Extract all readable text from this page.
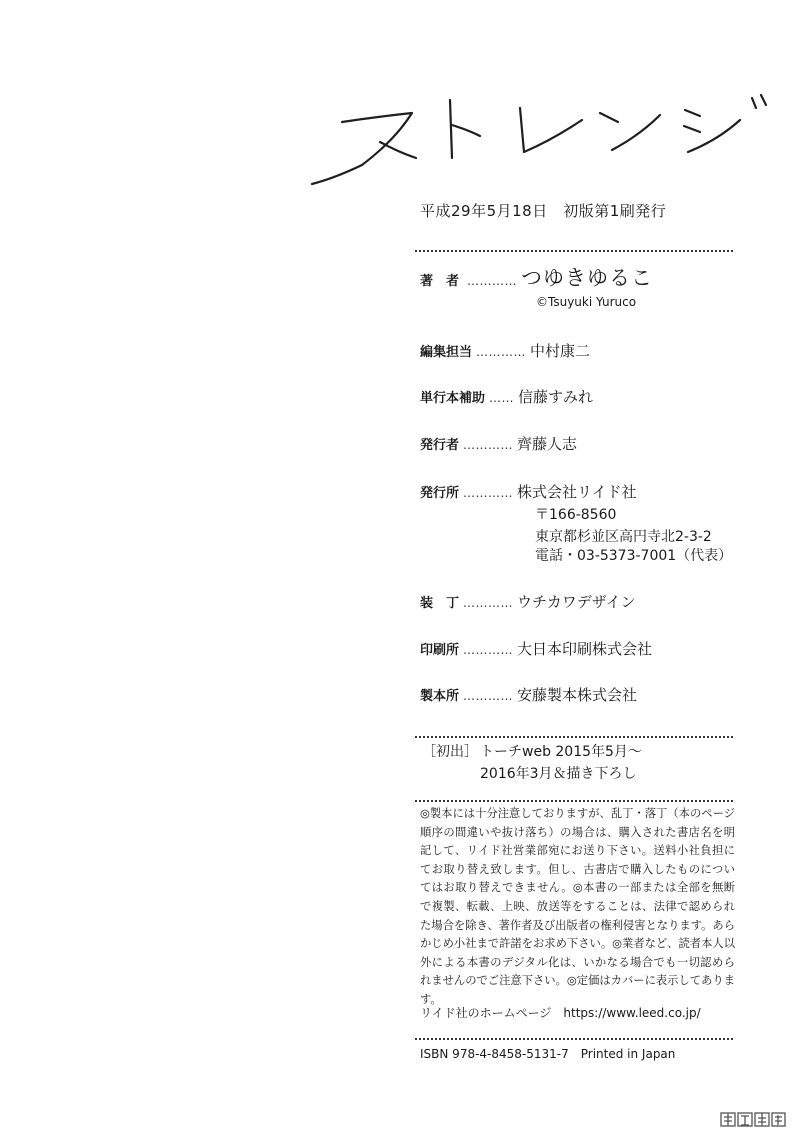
平成29年5月18日　初版第1刷発行
著　者 ………… つゆきゆるこ
©Tsuyuki Yuruco
編集担当 ………… 中村康二
単行本補助 …… 信藤すみれ
発行者 ………… 齊藤人志
発行所 ………… 株式会社リイド社
〒166-8560
東京都杉並区高円寺北2-3-2
電話・03-5373-7001（代表）
装　丁 ………… ウチカワデザイン
印刷所 ………… 大日本印刷株式会社
製本所 ………… 安藤製本株式会社
［初出］ トーチweb 2015年5月～
2016年3月＆描き下ろし

◎製本には十分注意しておりますが、乱丁・落丁（本のページ順序の間違いや抜け落ち）の場合は、購入された書店名を明記して、リイド社営業部宛にお送り下さい。送料小社負担にてお取り替え致します。但し、古書店で購入したものについてはお取り替えできません。◎本書の一部または全部を無断で複製、転載、上映、放送等をすることは、法律で認められた場合を除き、著作者及び出版者の権利侵害となります。あらかじめ小社まで許諾をお求め下さい。◎業者など、読者本人以外による本書のデジタル化は、いかなる場合でも一切認められませんのでご注意下さい。◎定価はカバーに表示してあります。

リイド社のホームページ　https://www.leed.co.jp/
ISBN 978-4-8458-5131-7　Printed in Japan
